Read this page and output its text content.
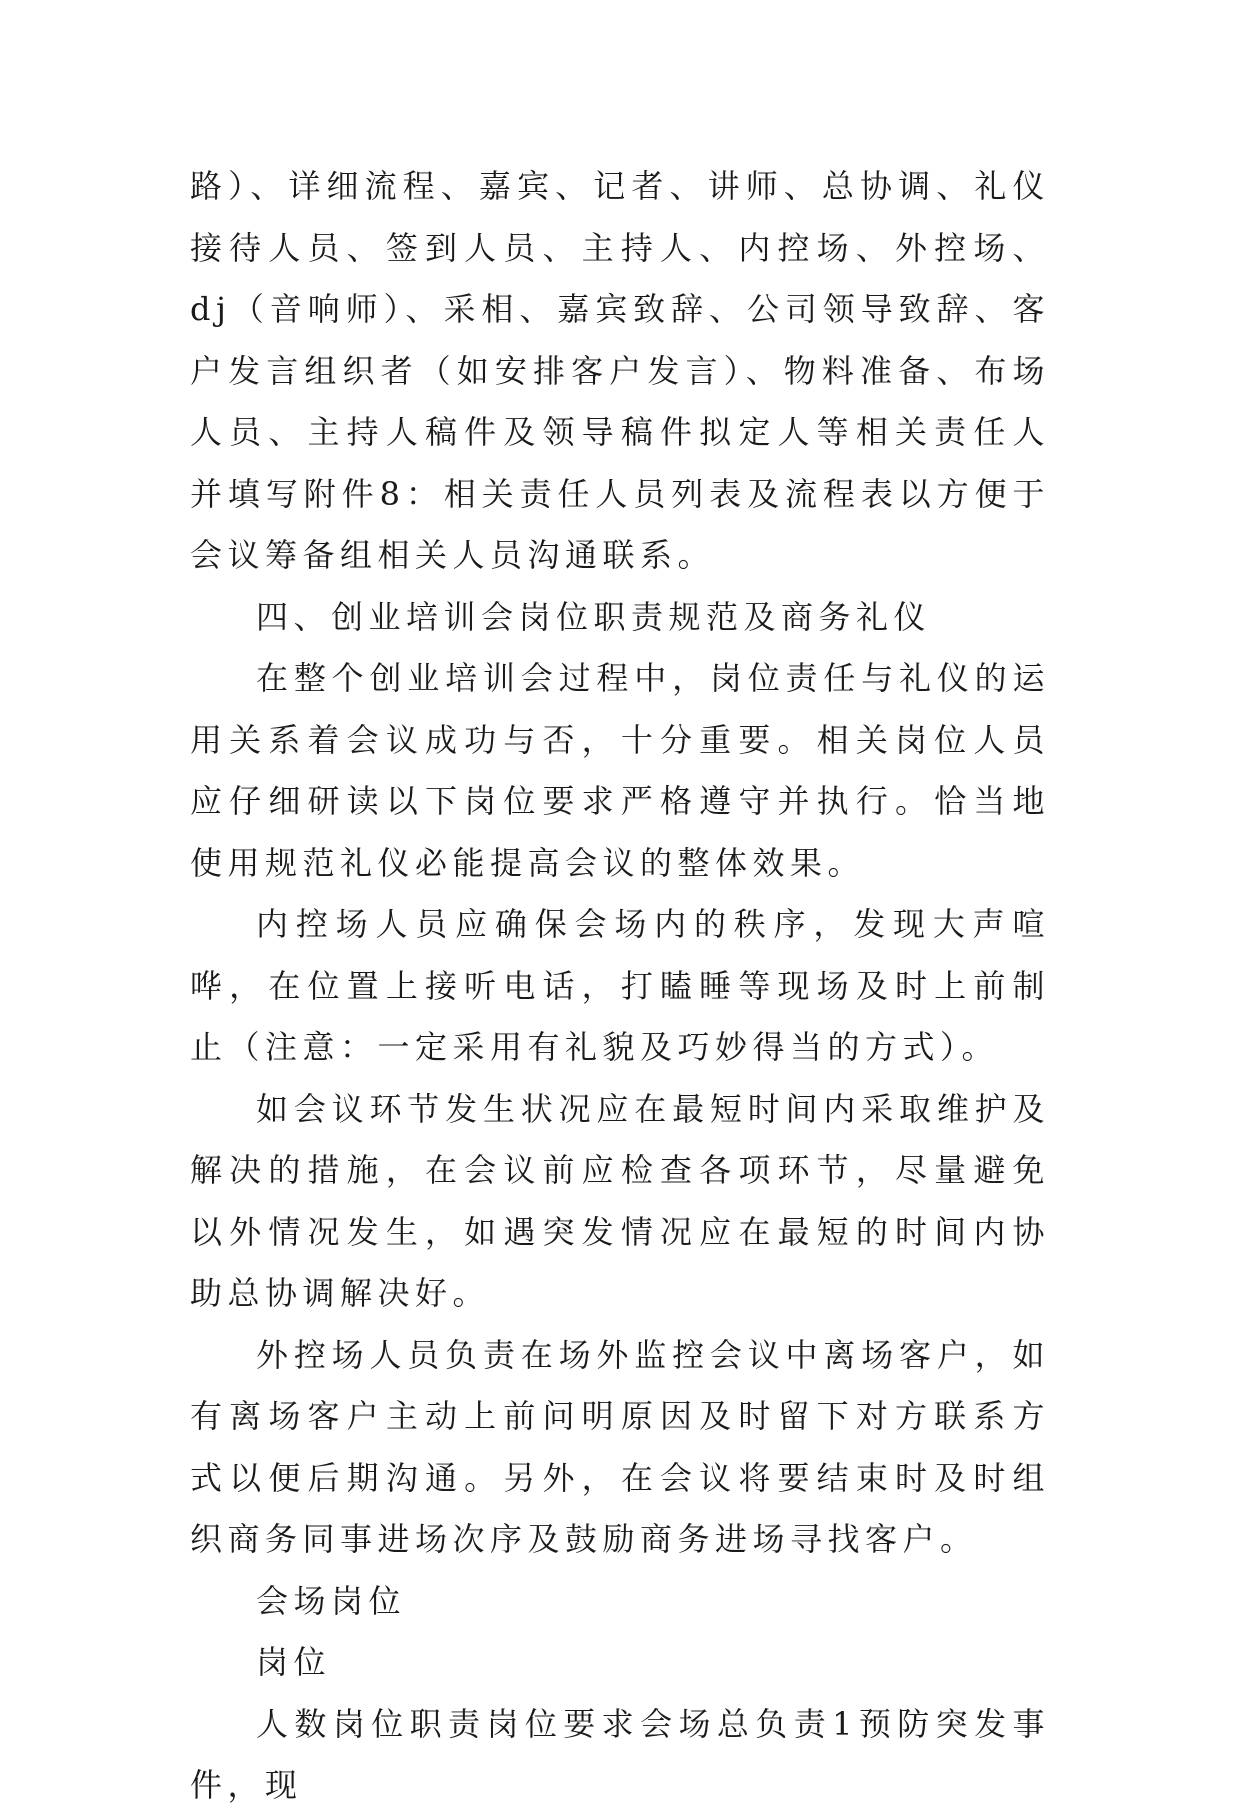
路）、详细流程、嘉宾、记者、讲师、总协调、礼仪接待人员、签到人员、主持人、内控场、外控场、dj（音响师）、采相、嘉宾致辞、公司领导致辞、客户发言组织者（如安排客户发言）、物料准备、布场人员、主持人稿件及领导稿件拟定人等相关责任人并填写附件8：相关责任人员列表及流程表以方便于会议筹备组相关人员沟通联系。

四、创业培训会岗位职责规范及商务礼仪

在整个创业培训会过程中，岗位责任与礼仪的运用关系着会议成功与否，十分重要。相关岗位人员应仔细研读以下岗位要求严格遵守并执行。恰当地使用规范礼仪必能提高会议的整体效果。

内控场人员应确保会场内的秩序，发现大声喧哗，在位置上接听电话，打瞌睡等现场及时上前制止（注意：一定采用有礼貌及巧妙得当的方式）。

如会议环节发生状况应在最短时间内采取维护及解决的措施，在会议前应检查各项环节，尽量避免以外情况发生，如遇突发情况应在最短的时间内协助总协调解决好。

外控场人员负责在场外监控会议中离场客户，如有离场客户主动上前问明原因及时留下对方联系方式以便后期沟通。另外，在会议将要结束时及时组织商务同事进场次序及鼓励商务进场寻找客户。

会场岗位

岗位

人数岗位职责岗位要求会场总负责1预防突发事件，现
